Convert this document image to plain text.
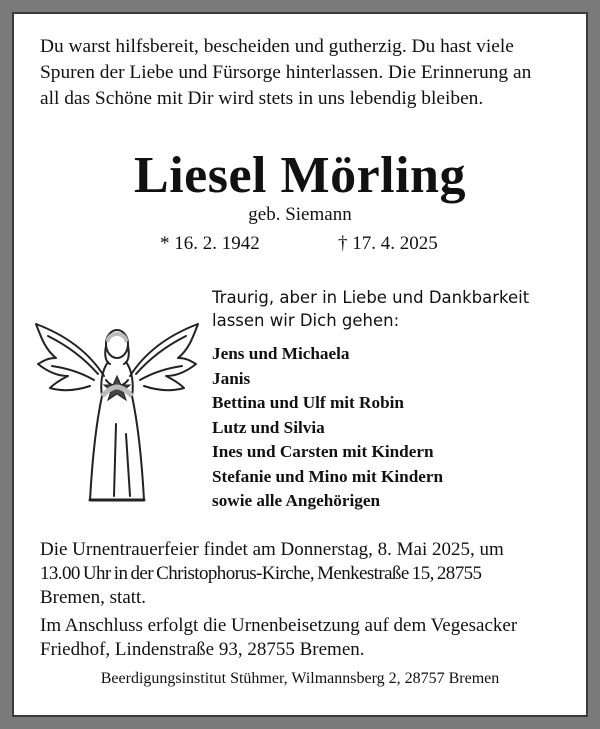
Du warst hilfsbereit, bescheiden und gutherzig. Du hast viele
Spuren der Liebe und Fürsorge hinterlassen. Die Erinnerung an
all das Schöne mit Dir wird stets in uns lebendig bleiben.
Liesel Mörling
geb. Siemann
* 16. 2. 1942	† 17. 4. 2025
Traurig, aber in Liebe und Dankbarkeit
lassen wir Dich gehen:
Jens und Michaela
Janis
Bettina und Ulf mit Robin
Lutz und Silvia
Ines und Carsten mit Kindern
Stefanie und Mino mit Kindern
sowie alle Angehörigen
Die Urnentrauerfeier findet am Donnerstag, 8. Mai 2025, um
13.00 Uhr in der Christophorus-Kirche, Menkestraße 15, 28755
Bremen, statt.
Im Anschluss erfolgt die Urnenbeisetzung auf dem Vegesacker
Friedhof, Lindenstraße 93, 28755 Bremen.
Beerdigungsinstitut Stühmer, Wilmannsberg 2, 28757 Bremen
